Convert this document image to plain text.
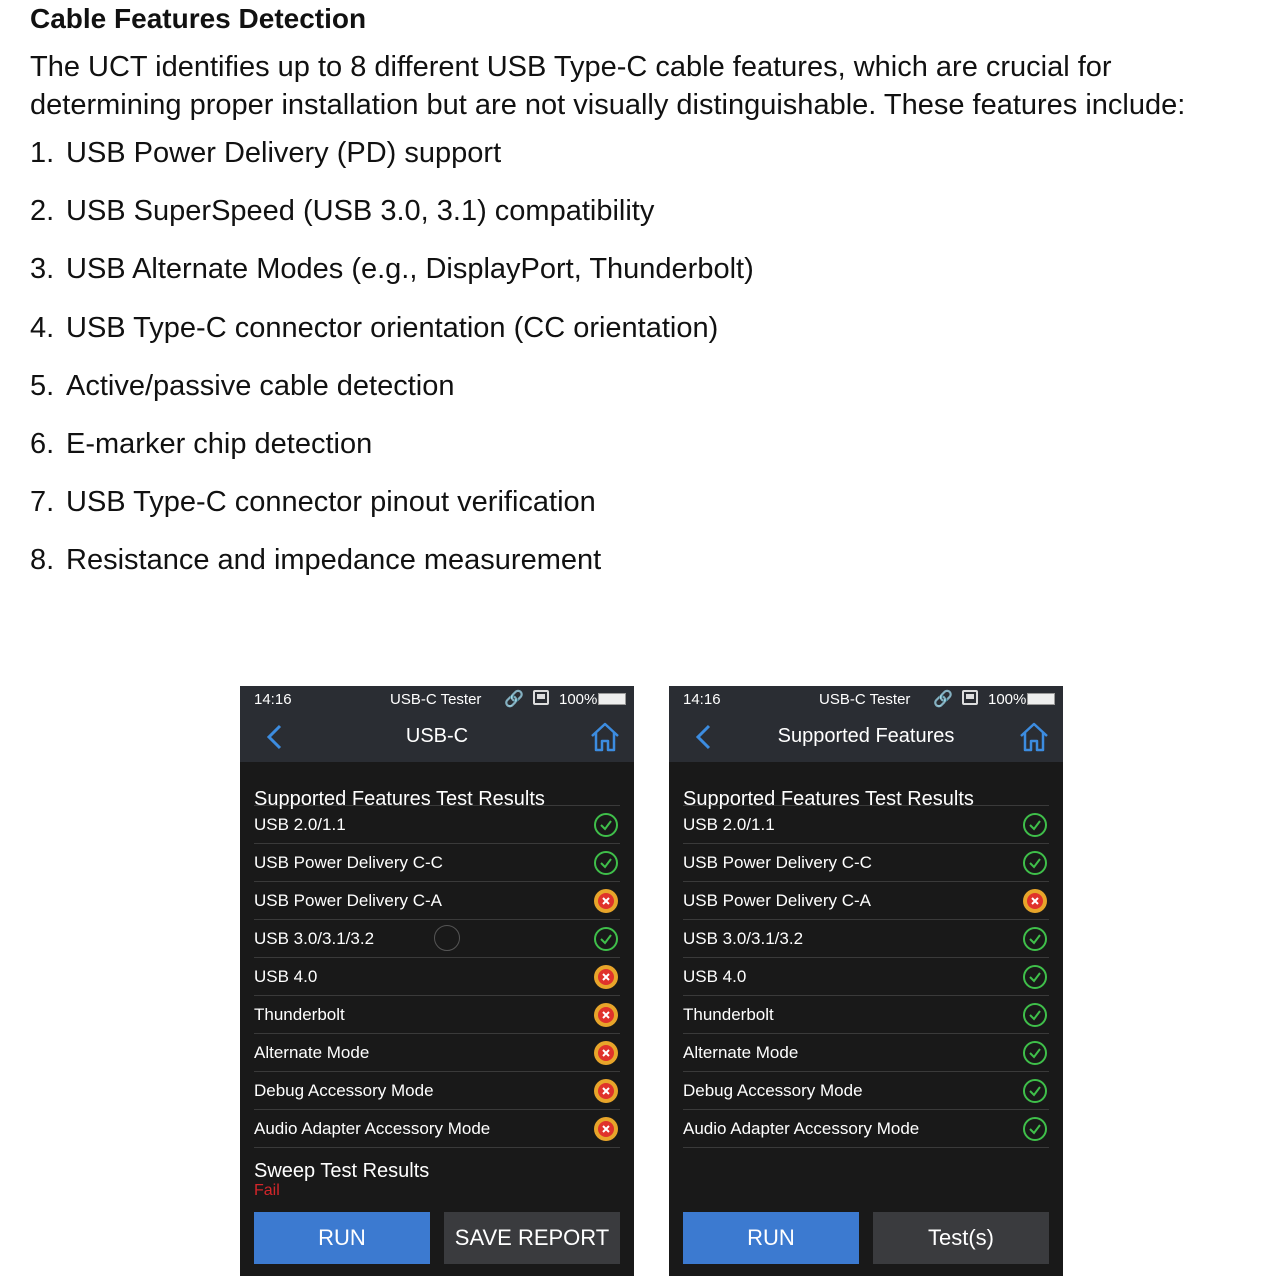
Cable Features Detection
The UCT identifies up to 8 different USB Type-C cable features, which are crucial for determining proper installation but are not visually distinguishable. These features include:
1. USB Power Delivery (PD) support
2. USB SuperSpeed (USB 3.0, 3.1) compatibility
3. USB Alternate Modes (e.g., DisplayPort, Thunderbolt)
4. USB Type-C connector orientation (CC orientation)
5. Active/passive cable detection
6. E-marker chip detection
7. USB Type-C connector pinout verification
8. Resistance and impedance measurement
14:16	USB-C Tester 🔗 100%
USB-C
Supported Features Test Results
USB 2.0/1.1
USB Power Delivery C-C
USB Power Delivery C-A
USB 3.0/3.1/3.2
USB 4.0
Thunderbolt
Alternate Mode
Debug Accessory Mode
Audio Adapter Accessory Mode
Sweep Test Results
Fail
RUN	SAVE REPORT
14:16	USB-C Tester 🔗 100%
Supported Features
Supported Features Test Results
USB 2.0/1.1
USB Power Delivery C-C
USB Power Delivery C-A
USB 3.0/3.1/3.2
USB 4.0
Thunderbolt
Alternate Mode
Debug Accessory Mode
Audio Adapter Accessory Mode
RUN	Test(s)
